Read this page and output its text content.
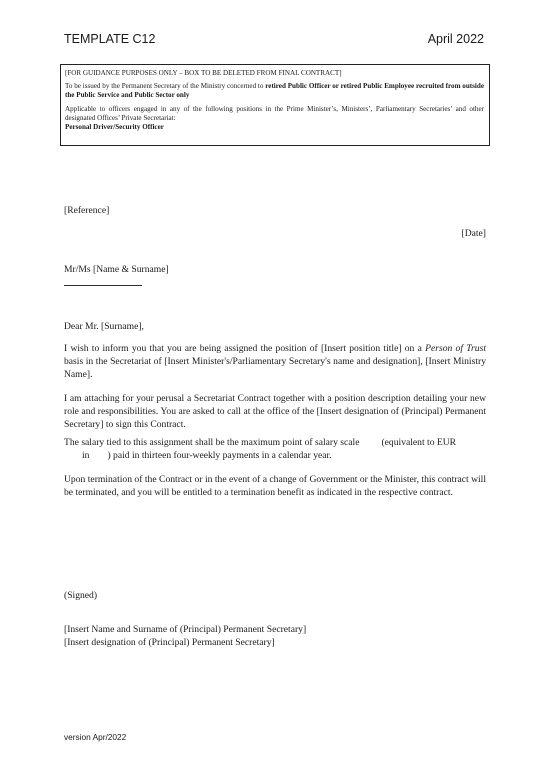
TEMPLATE C12	April 2022

[FOR GUIDANCE PURPOSES ONLY – BOX TO BE DELETED FROM FINAL CONTRACT]

To be issued by the Permanent Secretary of the Ministry concerned to retired Public Officer or retired Public Employee recruited from outside the Public Service and Public Sector only

Applicable to officers engaged in any of the following positions in the Prime Minister’s, Ministers’, Parliamentary Secretaries’ and other designated Offices’ Private Secretariat:
Personal Driver/Security Officer

[Reference]
[Date]
Mr/Ms [Name & Surname]
Dear Mr. [Surname],

I wish to inform you that you are being assigned the position of [Insert position title] on a Person of Trust basis in the Secretariat of [Insert Minister's/Parliamentary Secretary's name and designation], [Insert Ministry Name].

I am attaching for your perusal a Secretariat Contract together with a position description detailing your new role and responsibilities. You are asked to call at the office of the [Insert designation of (Principal) Permanent Secretary] to sign this Contract.

The salary tied to this assignment shall be the maximum point of salary scale (equivalent to EUR
in ) paid in thirteen four-weekly payments in a calendar year.

Upon termination of the Contract or in the event of a change of Government or the Minister, this contract will be terminated, and you will be entitled to a termination benefit as indicated in the respective contract.

(Signed)
[Insert Name and Surname of (Principal) Permanent Secretary]
[Insert designation of (Principal) Permanent Secretary]
version Apr/2022
